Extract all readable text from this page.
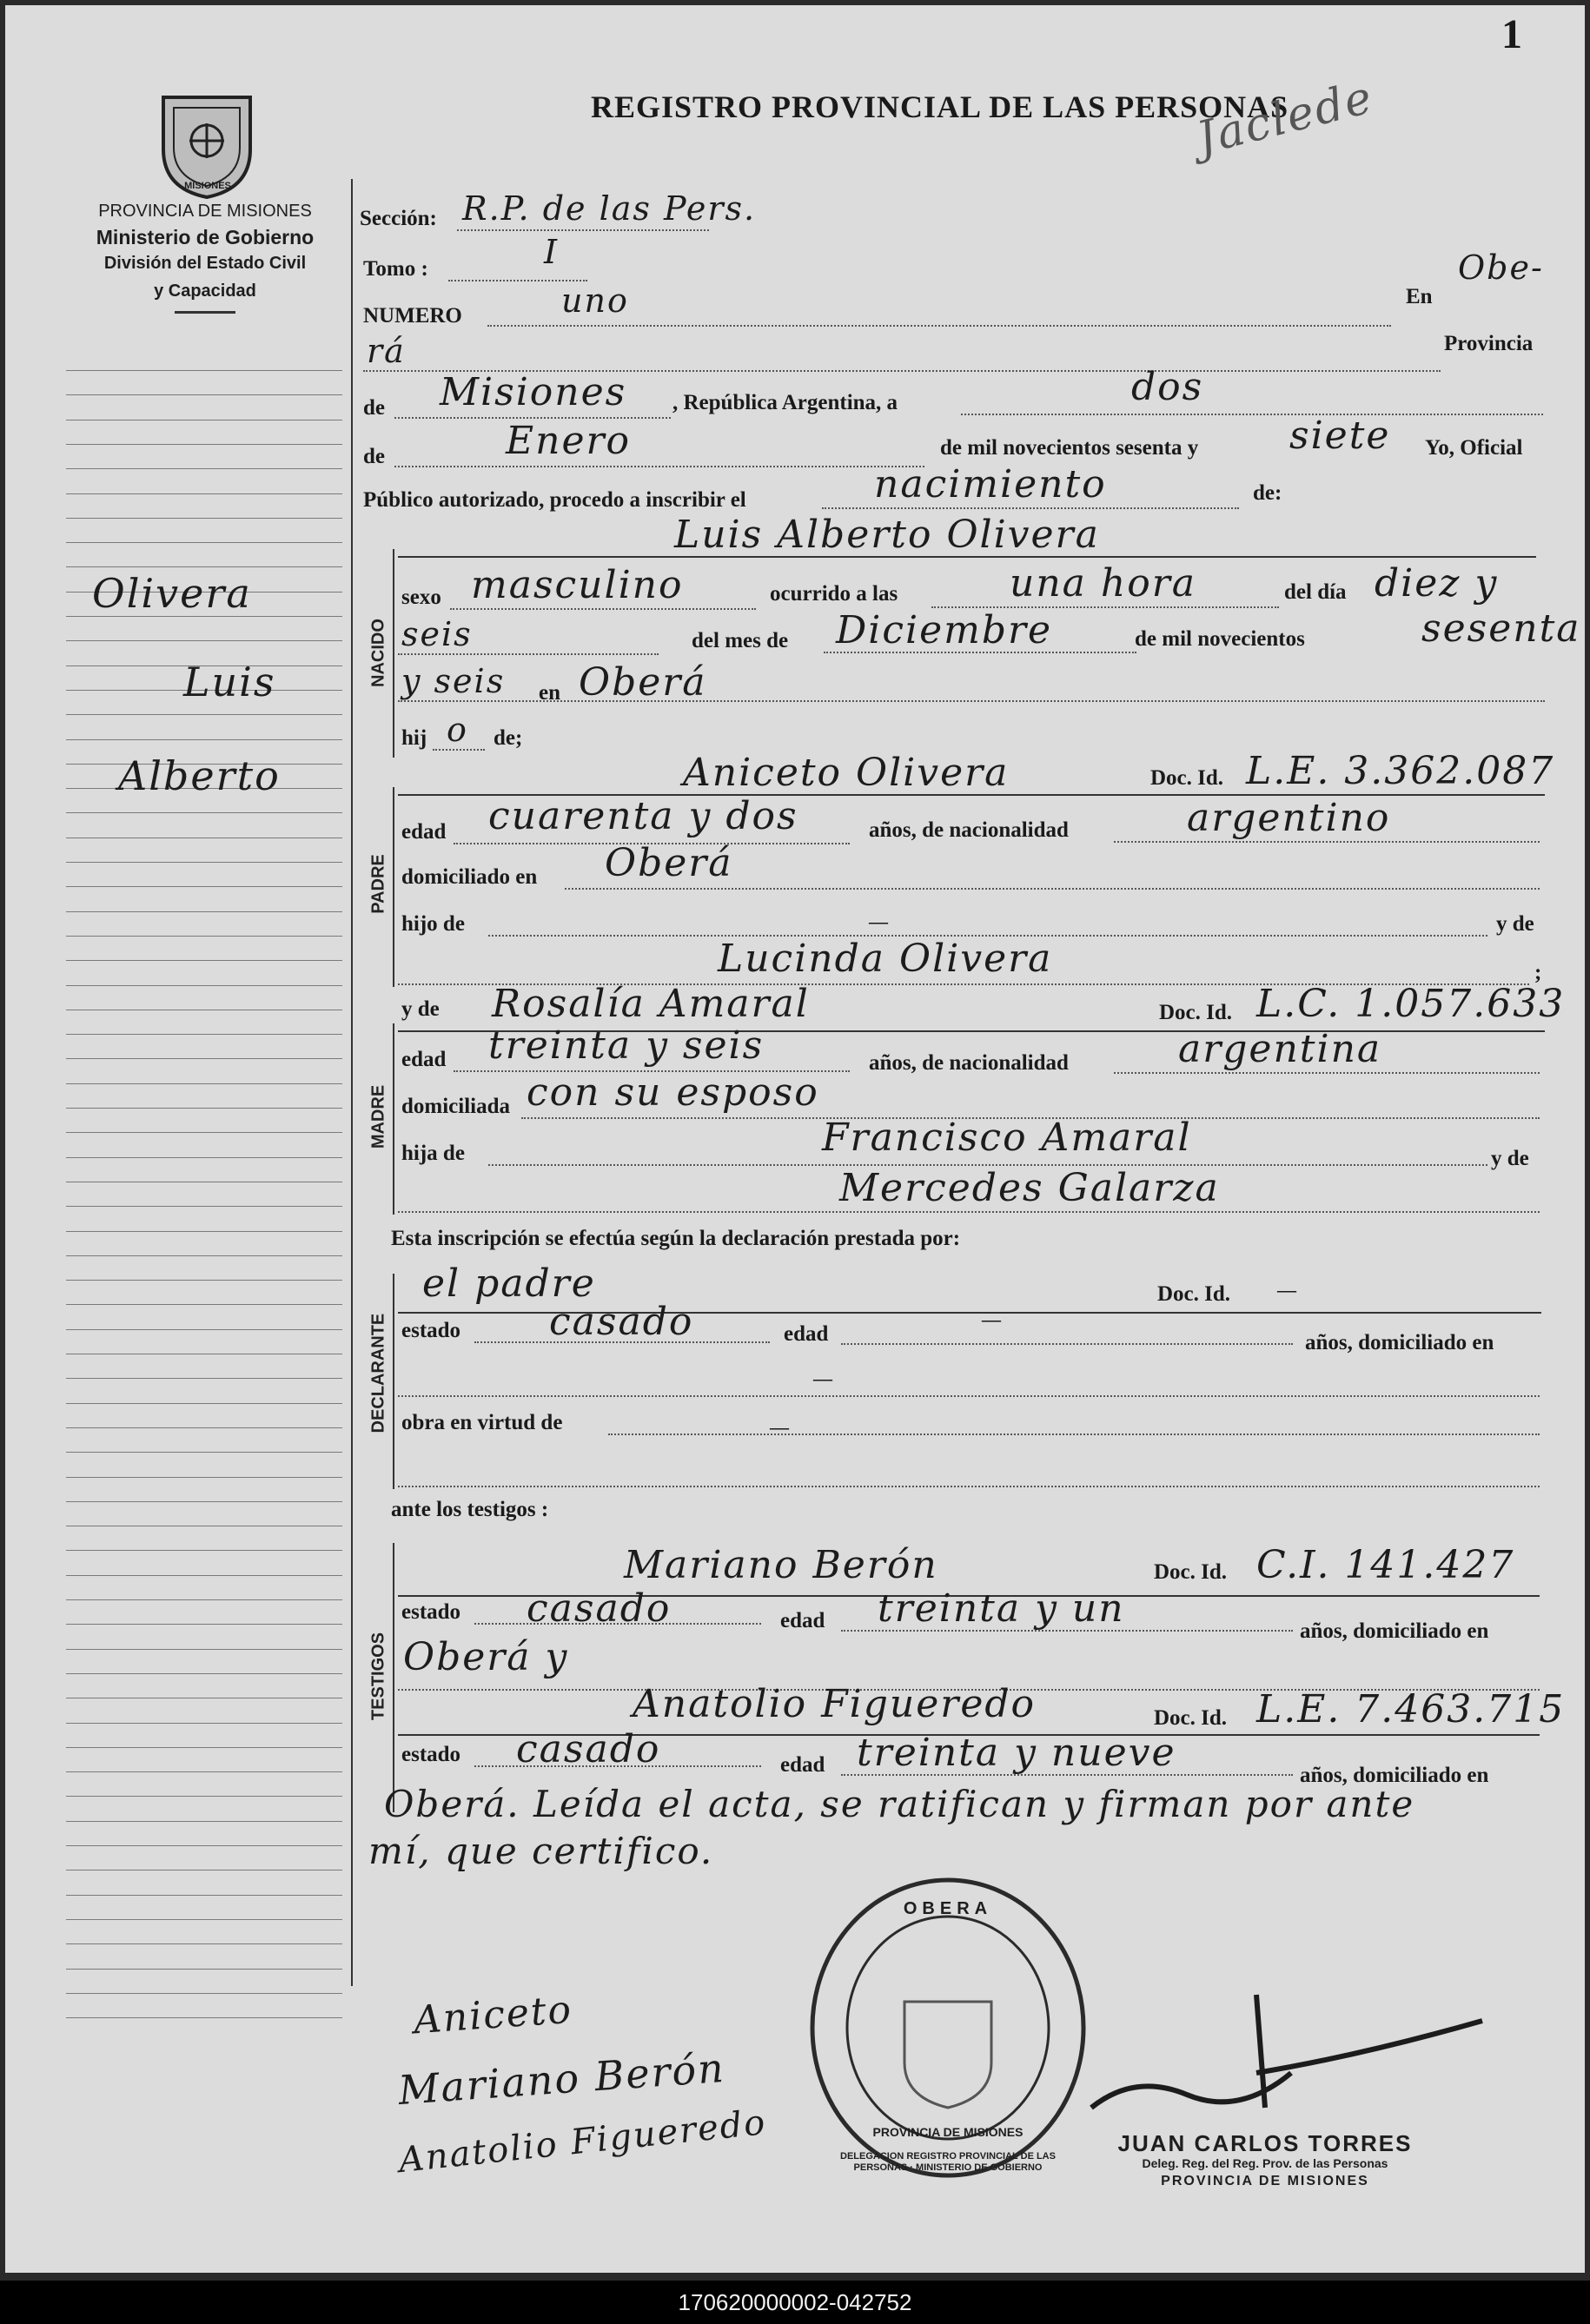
1
REGISTRO PROVINCIAL DE LAS PERSONAS
Jaclede
MISIONES
PROVINCIA DE MISIONES
Ministerio de Gobierno
División del Estado Civil
y Capacidad
Olivera
Luis
Alberto
Sección: R.P. de las Pers.
Tomo :	I
NUMERO	uno	En
Obe-
rá	Provincia
de Misiones , República Argentina, a	dos
de	Enero	de mil novecientos sesenta y siete Yo, Oficial
Público autorizado, procedo a inscribir el	nacimiento	de:
Luis Alberto Olivera
NACIDO
sexo masculino	ocurrido a las	una hora	del día diez y
seis	del mes de Diciembre	de mil novecientos	sesenta
y seis en Oberá
hij o de;
Aniceto Olivera	Doc. Id. L.E. 3.362.087
PADRE
edad cuarenta y dos	años, de nacionalidad	argentino
domiciliado en Oberá
hijo de	—	y de
Lucinda Olivera	;
y de Rosalía Amaral	Doc. Id. L.C. 1.057.633
MADRE
edad treinta y seis	años, de nacionalidad	argentina
domiciliada con su esposo
hija de	Francisco Amaral	y de
Mercedes Galarza
Esta inscripción se efectúa según la declaración prestada por:
el padre	Doc. Id. —
DECLARANTE estado casado	edad
—
años, domiciliado en
—
obra en virtud de	—
ante los testigos :
Mariano Berón	Doc. Id. C.I. 141.427
TESTIGOS
estado casado	edad treinta y un
años, domiciliado en
Oberá y
Anatolio Figueredo	Doc. Id. L.E. 7.463.715
estado casado	edad treinta y nueve
años, domiciliado en
Oberá. Leída el acta, se ratifican y firman por ante
mí, que certifico.
Aniceto
Mariano Berón
Anatolio Figueredo
OBERA
PROVINCIA DE MISIONES
DELEGACION REGISTRO PROVINCIAL DE LAS PERSONAS · MINISTERIO DE GOBIERNO
JUAN CARLOS TORRES
Deleg. Reg. del Reg. Prov. de las Personas
PROVINCIA DE MISIONES
170620000002-042752
